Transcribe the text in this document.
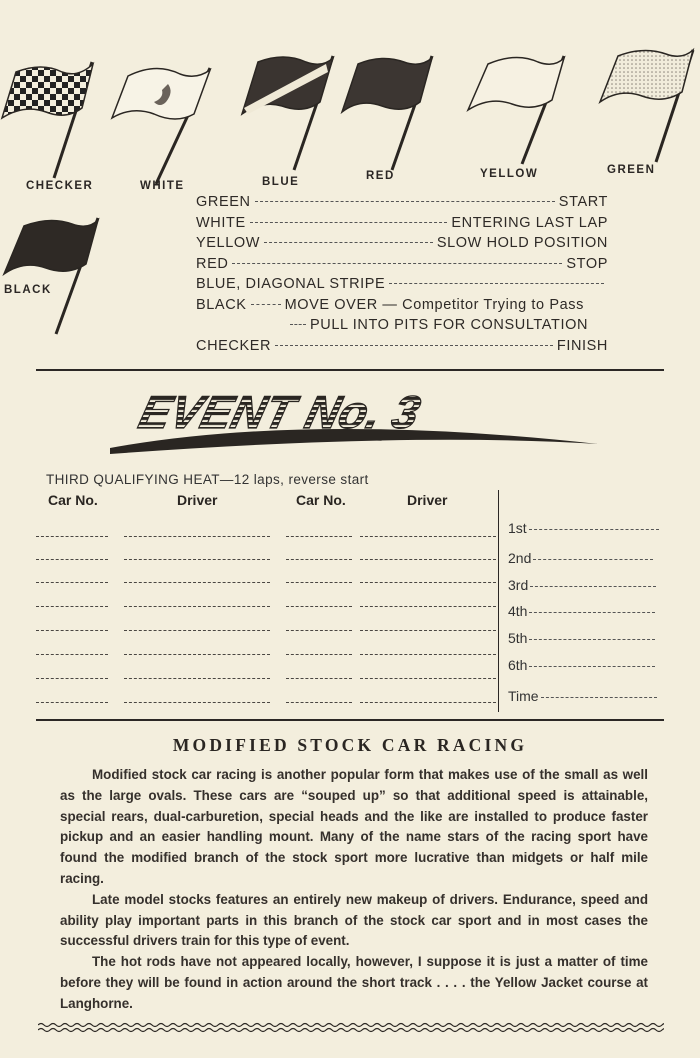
CHECKER	WHITE	BLUE	RED	YELLOW	GREEN
BLACK
GREEN	START
WHITE	ENTERING LAST LAP
YELLOW	SLOW HOLD POSITION
RED	STOP
BLUE, DIAGONAL STRIPE
BLACK	MOVE OVER — Competitor Trying to Pass
PULL INTO PITS FOR CONSULTATION
CHECKER	FINISH
EVENT No. 3
THIRD QUALIFYING HEAT—12 laps, reverse start
Car No.	Driver	Car No.	Driver
1st
2nd
3rd
4th
5th
6th
Time
MODIFIED STOCK CAR RACING

Modified stock car racing is another popular form that makes use of the small as well as the large ovals. These cars are “souped up” so that additional speed is attainable, special rears, dual-carburetion, special heads and the like are installed to produce faster pickup and an easier handling mount. Many of the name stars of the racing sport have found the modified branch of the stock sport more lucrative than midgets or half mile racing.

Late model stocks features an entirely new makeup of drivers. Endurance, speed and ability play important parts in this branch of the stock car sport and in most cases the successful drivers train for this type of event.

The hot rods have not appeared locally, however, I suppose it is just a matter of time before they will be found in action around the short track . . . . the Yellow Jacket course at Langhorne.
